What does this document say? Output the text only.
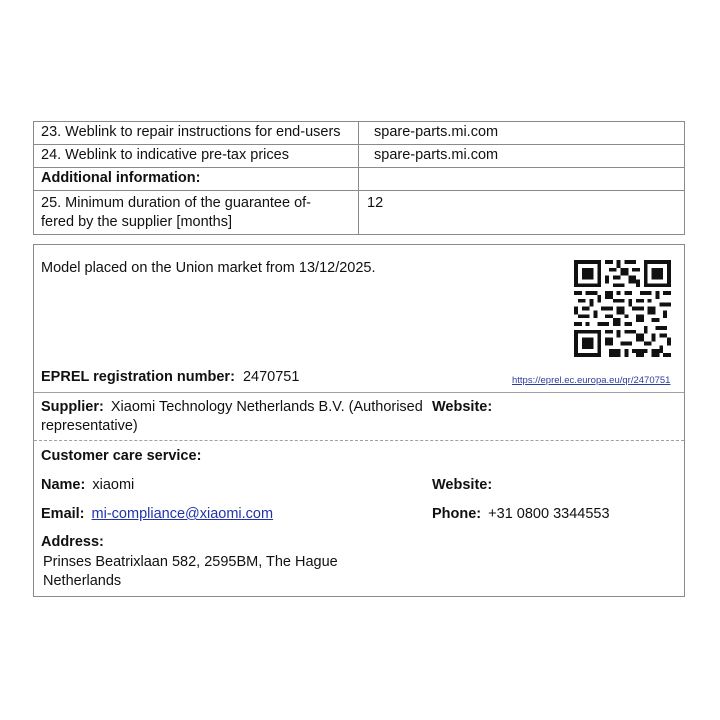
23. Weblink to repair instructions for end-users	spare-parts.mi.com
24. Weblink to indicative pre-tax prices	spare-parts.mi.com
Additional information:	

25. Minimum duration of the guarantee of-
fered by the supplier [months]	12
Model placed on the Union market from 13/12/2025.
EPREL registration number: 2470751	https://eprel.ec.europa.eu/qr/2470751
Supplier: Xiaomi Technology Netherlands B.V. (Authorised
representative)
Website:
Customer care service:
Name: xiaomi	Website:
Email: mi-compliance@xiaomi.com	Phone: +31 0800 3344553
Address:
Prinses Beatrixlaan 582, 2595BM, The Hague
Netherlands
